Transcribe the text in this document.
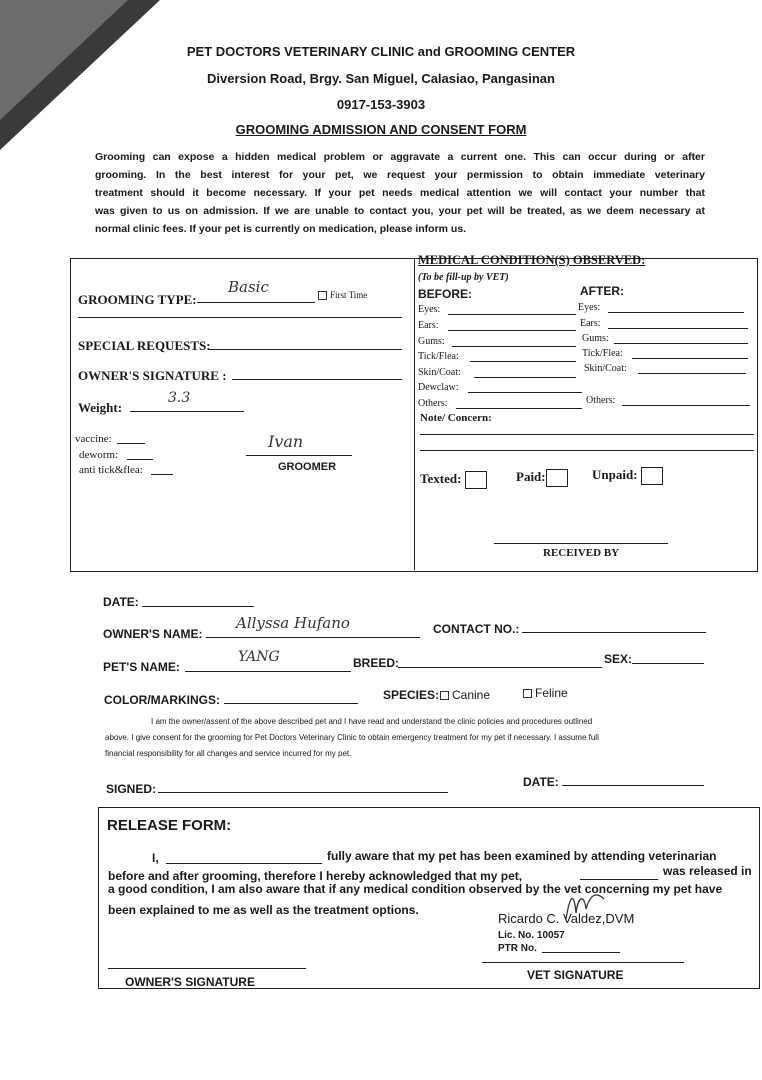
PET DOCTORS VETERINARY CLINIC and GROOMING CENTER
Diversion Road, Brgy. San Miguel, Calasiao, Pangasinan
0917-153-3903
GROOMING ADMISSION AND CONSENT FORM
Grooming can expose a hidden medical problem or aggravate a current one. This can occur during or after
grooming. In the best interest for your pet, we request your permission to obtain immediate veterinary
treatment should it become necessary. If your pet needs medical attention we will contact your number that
was given to us on admission. If we are unable to contact you, your pet will be treated, as we deem necessary at
normal clinic fees. If your pet is currently on medication, please inform us.
GROOMING TYPE:
Basic	First Time
SPECIAL REQUESTS:
OWNER'S SIGNATURE :
Weight:
3.3
vaccine:
deworm:
anti tick&flea:
Ivan
GROOMER
MEDICAL CONDITION(S) OBSERVED:
(To be fill-up by VET)
BEFORE:	AFTER:
Eyes:
Ears:
Gums:
Tick/Flea:
Skin/Coat:
Dewclaw:
Others:
Eyes:
Ears:
Gums:
Tick/Flea:
Skin/Coat:
Others:
Note/ Concern:
Texted:	Paid:	Unpaid:
RECEIVED BY
DATE:
OWNER'S NAME:
Allyssa Hufano	CONTACT NO.:
PET'S NAME:
YANG	BREED:	SEX:
COLOR/MARKINGS:	SPECIES:	Canine	Feline
I am the owner/assent of the above described pet and I have read and understand the clinic policies and procedures outlined
above. I give consent for the grooming for Pet Doctors Veterinary Clinic to obtain emergency treatment for my pet if necessary. I assume full
financial responsibility for all changes and service incurred for my pet.
SIGNED:	DATE:
RELEASE FORM:
I,	fully aware that my pet has been examined by attending veterinarian
before and after grooming, therefore I hereby acknowledged that my pet,	was released in
a good condition, I am also aware that if any medical condition observed by the vet concerning my pet have
been explained to me as well as the treatment options.
Ricardo C. Valdez,DVM
Lic. No. 10057
PTR No.
OWNER'S SIGNATURE	VET SIGNATURE
